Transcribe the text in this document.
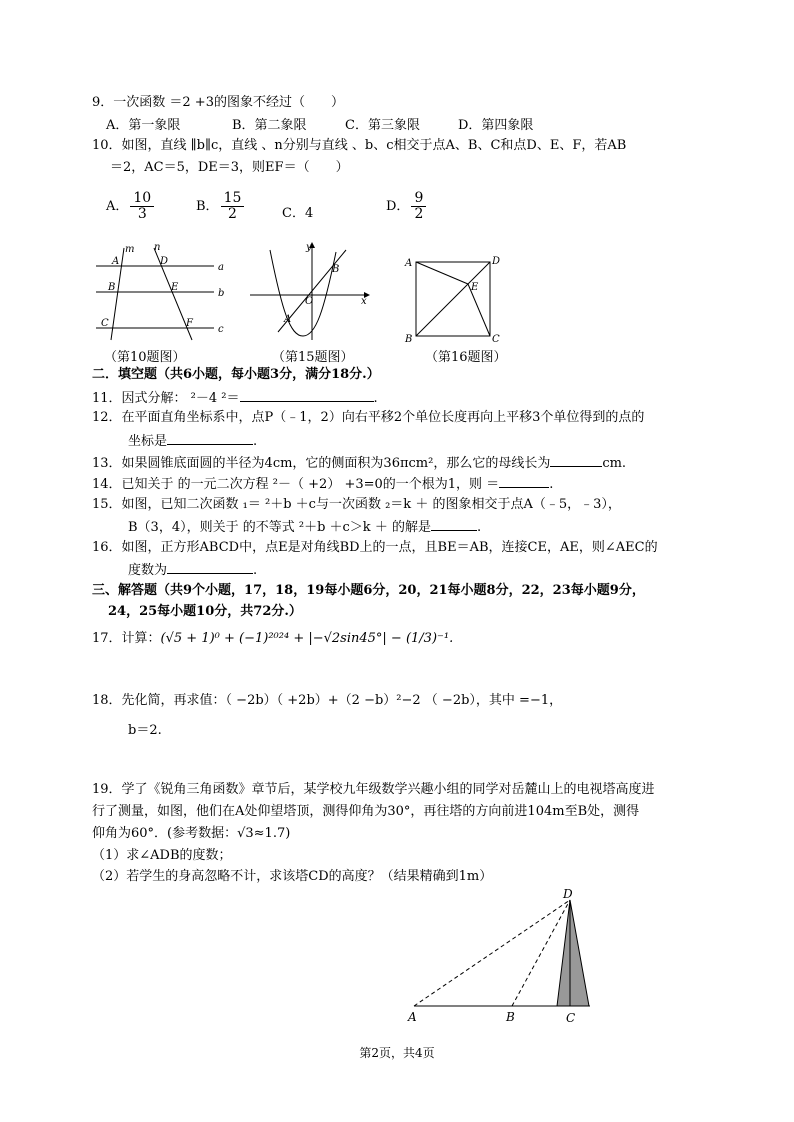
9．一次函数 ＝2 +3的图象不经过（　　）
A．第一象限	B．第二象限	C．第三象限	D．第四象限
10．如图，直线 ∥b∥c，直线 、n分别与直线 、b、c相交于点A、B、C和点D、E、F，若AB
＝2，AC＝5，DE＝3，则EF＝（　　）
A． $\frac{10}{3}$	B． $\frac{15}{2}$	C．4	D． $\frac{9}{2}$
m n
A	D
a
B	E
b
C	F
c
（第10题图）
y
B
O	x
A
（第15题图）
A	D
E
B	C
（第16题图）
二．填空题（共6小题，每小题3分，满分18分.）
11．因式分解： ²－4 ²＝	.
12．在平面直角坐标系中，点P（﹣1，2）向右平移2个单位长度再向上平移3个单位得到的点的
坐标是	.
13．如果圆锥底面圆的半径为4cm，它的侧面积为36πcm²，那么它的母线长为	cm.
14．已知关于 的一元二次方程 ²－（ +2） +3=0的一个根为1，则 ＝	.
15．如图，已知二次函数 ₁＝ ²＋b ＋c与一次函数 ₂＝k ＋ 的图象相交于点A（﹣5，﹣3），
B（3，4），则关于 的不等式 ²＋b ＋c＞k ＋ 的解是	.
16．如图，正方形ABCD中，点E是对角线BD上的一点，且BE＝AB，连接CE，AE，则∠AEC的
度数为	.
三、解答题（共9个小题，17，18，19每小题6分，20，21每小题8分，22，23每小题9分，
24，25每小题10分，共72分.）
17．计算：(√5 + 1)⁰ + (−1)²⁰²⁴ + |−√2sin45°| − (1/3)⁻¹.
18．先化简，再求值：（ −2b）（ +2b）+（2 −b）²−2 （ −2b），其中 =−1，
b＝2.
19．学了《锐角三角函数》章节后，某学校九年级数学兴趣小组的同学对岳麓山上的电视塔高度进
行了测量，如图，他们在A处仰望塔顶，测得仰角为30°，再往塔的方向前进104m至B处，测得
仰角为60°．(参考数据：√3≈1.7)
（1）求∠ADB的度数；
（2）若学生的身高忽略不计，求该塔CD的高度？（结果精确到1m）
D
A	B	C
第2页，共4页
